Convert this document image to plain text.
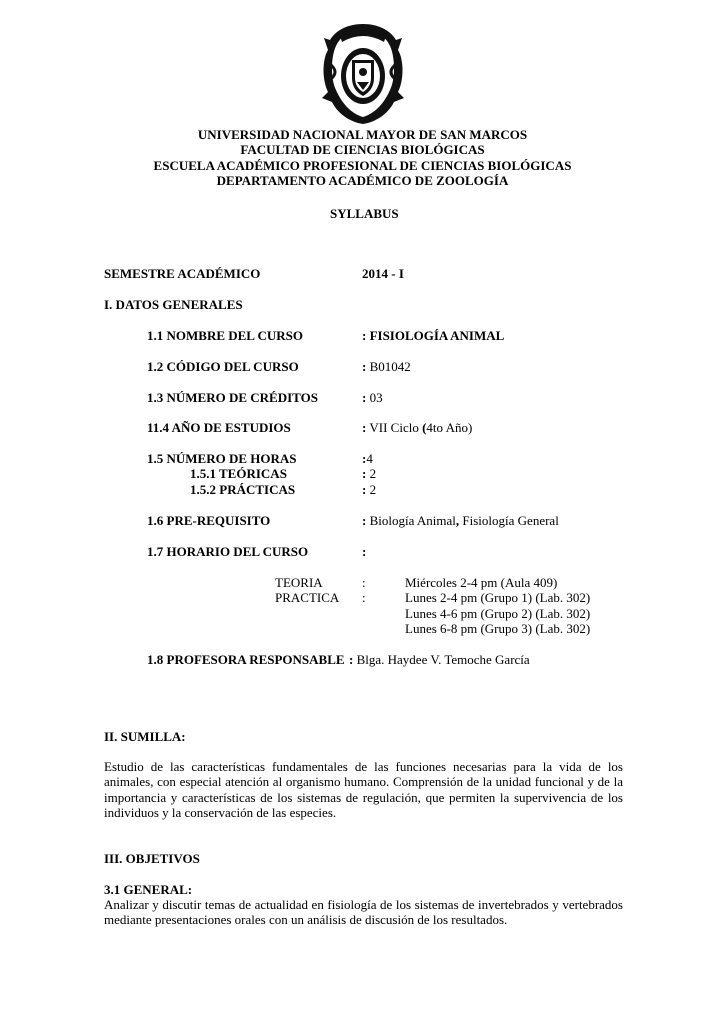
UNIVERSIDAD NACIONAL MAYOR DE SAN MARCOS
FACULTAD DE CIENCIAS BIOLÓGICAS
ESCUELA ACADÉMICO PROFESIONAL DE CIENCIAS BIOLÓGICAS
DEPARTAMENTO ACADÉMICO DE ZOOLOGÍA
SYLLABUS
SEMESTRE ACADÉMICO	2014 - I
I. DATOS GENERALES
1.1 NOMBRE DEL CURSO	: FISIOLOGÍA ANIMAL
1.2 CÓDIGO DEL CURSO	: B01042
1.3 NÚMERO DE CRÉDITOS	: 03
11.4 AÑO DE ESTUDIOS	: VII Ciclo (4to Año)
1.5 NÚMERO DE HORAS	:4
1.5.1 TEÓRICAS	: 2
1.5.2 PRÁCTICAS	: 2
1.6 PRE-REQUISITO	: Biología Animal, Fisiología General
1.7 HORARIO DEL CURSO	:
TEORIA	:	Miércoles 2-4 pm (Aula 409)
PRACTICA :	Lunes 2-4 pm (Grupo 1) (Lab. 302)
Lunes 4-6 pm (Grupo 2) (Lab. 302)
Lunes 6-8 pm (Grupo 3) (Lab. 302)
1.8 PROFESORA RESPONSABLE : Blga. Haydee V. Temoche García
II. SUMILLA:
Estudio de las características fundamentales de las funciones necesarias para la vida de los animales, con especial atención al organismo humano. Comprensión de la unidad funcional y de la importancia y características de los sistemas de regulación, que permiten la supervivencia de los individuos y la conservación de las especies.
III. OBJETIVOS
3.1 GENERAL:
Analizar y discutir temas de actualidad en fisiología de los sistemas de invertebrados y vertebrados mediante presentaciones orales con un análisis de discusión de los resultados.
